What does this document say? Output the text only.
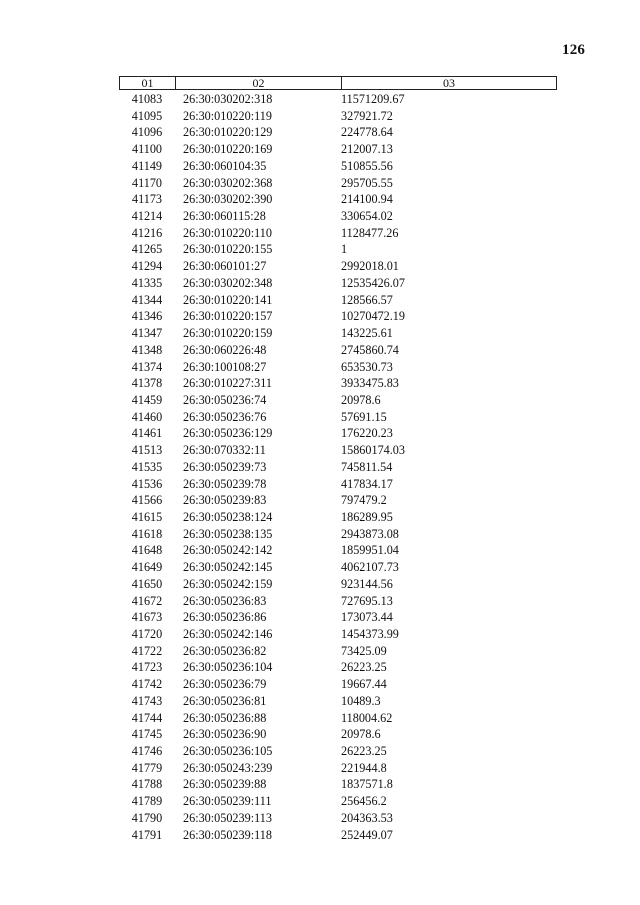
126
01	02	03
41083	26:30:030202:318	11571209.67
41095	26:30:010220:119	327921.72
41096	26:30:010220:129	224778.64
41100	26:30:010220:169	212007.13
41149	26:30:060104:35	510855.56
41170	26:30:030202:368	295705.55
41173	26:30:030202:390	214100.94
41214	26:30:060115:28	330654.02
41216	26:30:010220:110	1128477.26
41265	26:30:010220:155	1
41294	26:30:060101:27	2992018.01
41335	26:30:030202:348	12535426.07
41344	26:30:010220:141	128566.57
41346	26:30:010220:157	10270472.19
41347	26:30:010220:159	143225.61
41348	26:30:060226:48	2745860.74
41374	26:30:100108:27	653530.73
41378	26:30:010227:311	3933475.83
41459	26:30:050236:74	20978.6
41460	26:30:050236:76	57691.15
41461	26:30:050236:129	176220.23
41513	26:30:070332:11	15860174.03
41535	26:30:050239:73	745811.54
41536	26:30:050239:78	417834.17
41566	26:30:050239:83	797479.2
41615	26:30:050238:124	186289.95
41618	26:30:050238:135	2943873.08
41648	26:30:050242:142	1859951.04
41649	26:30:050242:145	4062107.73
41650	26:30:050242:159	923144.56
41672	26:30:050236:83	727695.13
41673	26:30:050236:86	173073.44
41720	26:30:050242:146	1454373.99
41722	26:30:050236:82	73425.09
41723	26:30:050236:104	26223.25
41742	26:30:050236:79	19667.44
41743	26:30:050236:81	10489.3
41744	26:30:050236:88	118004.62
41745	26:30:050236:90	20978.6
41746	26:30:050236:105	26223.25
41779	26:30:050243:239	221944.8
41788	26:30:050239:88	1837571.8
41789	26:30:050239:111	256456.2
41790	26:30:050239:113	204363.53
41791	26:30:050239:118	252449.07
